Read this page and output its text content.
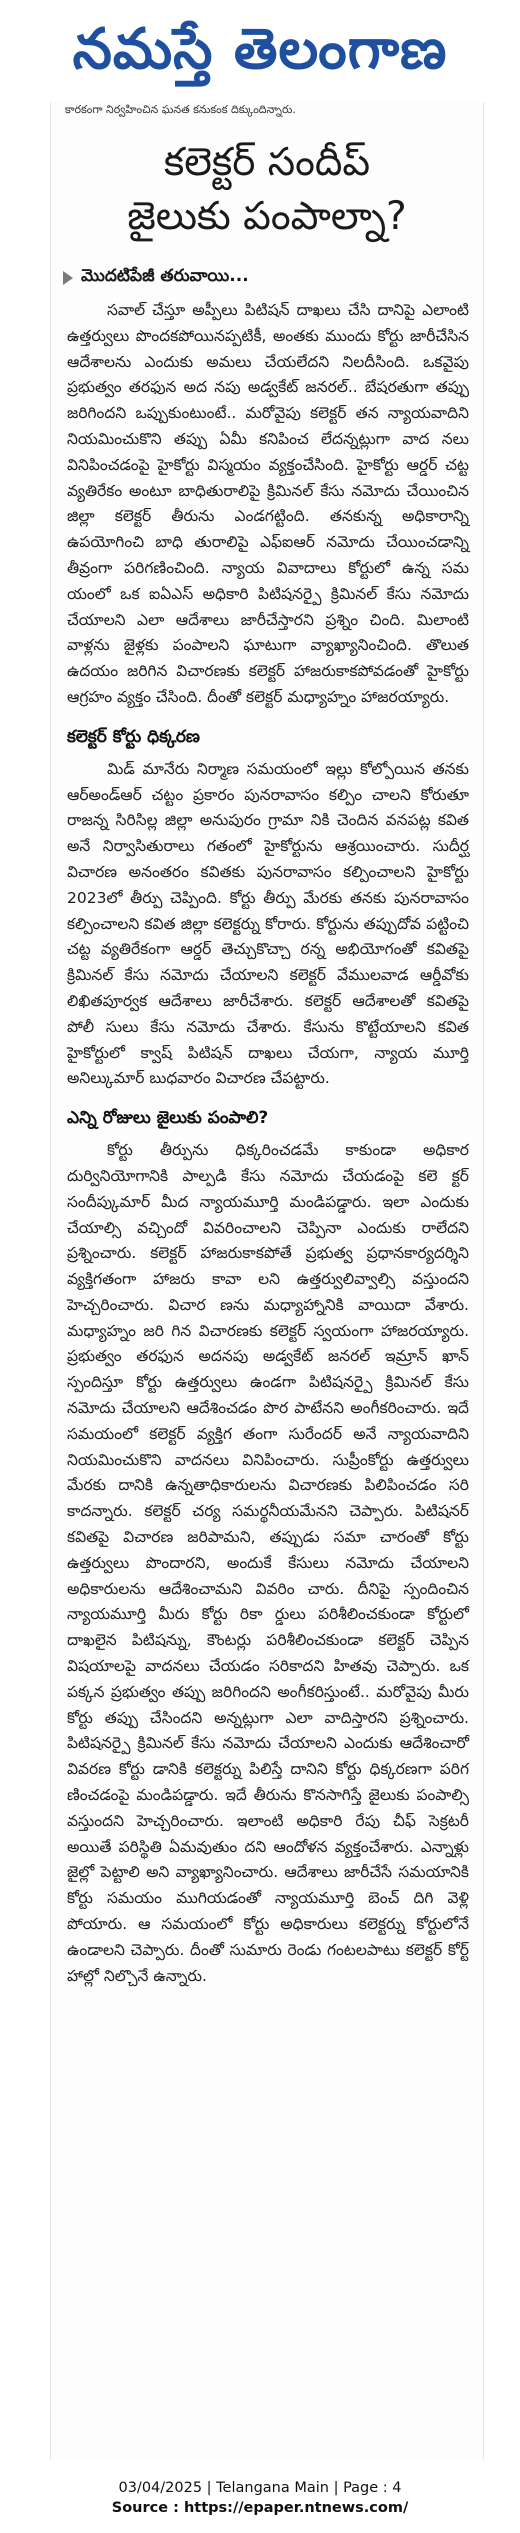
నమస్తే తెలంగాణ
కారకంగా నిర్వహించిన ఘనత కనుకంక దిక్కుందిన్నారు.
కలెక్టర్ సందీప్
జైలుకు పంపాల్నా?
మొదటిపేజీ తరువాయి...

సవాల్ చేస్తూ అప్పీలు పిటిషన్ దాఖలు చేసి దానిపై ఎలాంటి ఉత్తర్వులు పొందకపోయినప్పటికీ, అంతకు ముందు కోర్టు జారీచేసిన ఆదేశాలను ఎందుకు అమలు చేయలేదని నిలదీసింది. ఒకవైపు ప్రభుత్వం తరఫున అద నపు అడ్వకేట్ జనరల్.. బేషరతుగా తప్పు జరిగిందని ఒప్పుకుంటుంటే.. మరోవైపు కలెక్టర్ తన న్యాయవాదిని నియమించుకొని తప్పు ఏమీ కనిపించ లేదన్నట్లుగా వాద నలు వినిపించడంపై హైకోర్టు విస్మయం వ్యక్తంచేసింది. హైకోర్టు ఆర్డర్ చట్ట వ్యతిరేకం అంటూ బాధితురాలిపై క్రిమినల్ కేసు నమోదు చేయించిన జిల్లా కలెక్టర్ తీరును ఎండగట్టింది. తనకున్న అధికారాన్ని ఉపయోగించి బాధి తురాలిపై ఎఫ్ఐఆర్ నమోదు చేయించడాన్ని తీవ్రంగా పరిగణించింది. న్యాయ వివాదాలు కోర్టులో ఉన్న సమ యంలో ఒక ఐఏఎస్ అధికారి పిటిషనర్పై క్రిమినల్ కేసు నమోదు చేయాలని ఎలా ఆదేశాలు జారీచేస్తారని ప్రశ్నిం చింది. మిలాంటి వాళ్లను జైళ్లకు పంపాలని ఘాటుగా వ్యాఖ్యానించింది. తొలుత ఉదయం జరిగిన విచారణకు కలెక్టర్ హాజరుకాకపోవడంతో హైకోర్టు ఆగ్రహం వ్యక్తం చేసింది. దీంతో కలెక్టర్ మధ్యాహ్నం హాజరయ్యారు.

కలెక్టర్ కోర్టు ధిక్కరణ

మిడ్ మానేరు నిర్మాణ సమయంలో ఇల్లు కోల్పోయిన తనకు ఆర్అండ్ఆర్ చట్టం ప్రకారం పునరావాసం కల్పిం చాలని కోరుతూ రాజన్న సిరిసిల్ల జిల్లా అనుపురం గ్రామా నికి చెందిన వనపట్ల కవిత అనే నిర్వాసితురాలు గతంలో హైకోర్టును ఆశ్రయించారు. సుదీర్ఘ విచారణ అనంతరం కవితకు పునరావాసం కల్పించాలని హైకోర్టు 2023లో తీర్పు చెప్పింది. కోర్టు తీర్పు మేరకు తనకు పునరావాసం కల్పించాలని కవిత జిల్లా కలెక్టర్ను కోరారు. కోర్టును తప్పుదోవ పట్టించి చట్ట వ్యతిరేకంగా ఆర్డర్ తెచ్చుకొచ్చా రన్న అభియోగంతో కవితపై క్రిమినల్ కేసు నమోదు చేయాలని కలెక్టర్ వేములవాడ ఆర్డీవోకు లిఖితపూర్వక ఆదేశాలు జారీచేశారు. కలెక్టర్ ఆదేశాలతో కవితపై పోలీ సులు కేసు నమోదు చేశారు. కేసును కొట్టేయాలని కవిత హైకోర్టులో క్వాష్ పిటిషన్ దాఖలు చేయగా, న్యాయ మూర్తి అనిల్కుమార్ బుధవారం విచారణ చేపట్టారు.

ఎన్ని రోజులు జైలుకు పంపాలి?

కోర్టు తీర్పును ధిక్కరించడమే కాకుండా అధికార దుర్వినియోగానికి పాల్పడి కేసు నమోదు చేయడంపై కలె క్టర్ సందీప్కుమార్ మీద న్యాయమూర్తి మండిపడ్డారు. ఇలా ఎందుకు చేయాల్సి వచ్చిందో వివరించాలని చెప్పినా ఎందుకు రాలేదని ప్రశ్నించారు. కలెక్టర్ హాజరుకాకపోతే ప్రభుత్వ ప్రధానకార్యదర్శిని వ్యక్తిగతంగా హాజరు కావా లని ఉత్తర్వులివ్వాల్సి వస్తుందని హెచ్చరించారు. విచార ణను మధ్యాహ్నానికి వాయిదా వేశారు. మధ్యాహ్నం జరి గిన విచారణకు కలెక్టర్ స్వయంగా హాజరయ్యారు. ప్రభుత్వం తరఫున అదనపు అడ్వకేట్ జనరల్ ఇమ్రాన్ ఖాన్ స్పందిస్తూ కోర్టు ఉత్తర్వులు ఉండగా పిటిషనర్పై క్రిమినల్ కేసు నమోదు చేయాలని ఆదేశించడం పొర పాటేనని అంగీకరించారు. ఇదే సమయంలో కలెక్టర్ వ్యక్తిగ తంగా సురేందర్ అనే న్యాయవాదిని నియమించుకొని వాదనలు వినిపించారు. సుప్రీంకోర్టు ఉత్తర్వులు మేరకు దానికి ఉన్నతాధికారులను విచారణకు పిలిపించడం సరి కాదన్నారు. కలెక్టర్ చర్య సమర్థనీయమేనని చెప్పారు. పిటిషనర్ కవితపై విచారణ జరిపామని, తప్పుడు సమా చారంతో కోర్టు ఉత్తర్వులు పొందారని, అందుకే కేసులు నమోదు చేయాలని అధికారులను ఆదేశించామని వివరిం చారు. దీనిపై స్పందించిన న్యాయమూర్తి మీరు కోర్టు రికా ర్డులు పరిశీలించకుండా కోర్టులో దాఖలైన పిటిషన్ను, కౌంటర్లు పరిశీలించకుండా కలెక్టర్ చెప్పిన విషయాలపై వాదనలు చేయడం సరికాదని హితవు చెప్పారు. ఒక పక్కన ప్రభుత్వం తప్పు జరిగిందని అంగీకరిస్తుంటే.. మరోవైపు మీరు కోర్టు తప్పు చేసిందని అన్నట్లుగా ఎలా వాదిస్తారని ప్రశ్నించారు. పిటిషనర్పై క్రిమినల్ కేసు నమోదు చేయాలని ఎందుకు ఆదేశించారో వివరణ కోర్టు డానికి కలెక్టర్ను పిలిస్తే దానిని కోర్టు ధిక్కరణగా పరిగ ణించడంపై మండిపడ్డారు. ఇదే తీరును కొనసాగిస్తే జైలుకు పంపాల్సి వస్తుందని హెచ్చరించారు. ఇలాంటి అధికారి రేపు చీఫ్ సెక్రటరీ అయితే పరిస్థితి ఏమవుతుం దని ఆందోళన వ్యక్తంచేశారు. ఎన్నాళ్లు జైల్లో పెట్టాలి అని వ్యాఖ్యానించారు. ఆదేశాలు జారీచేసే సమయానికి కోర్టు సమయం ముగియడంతో న్యాయమూర్తి బెంచ్ దిగి వెళ్లి పోయారు. ఆ సమయంలో కోర్టు అధికారులు కలెక్టర్ను కోర్టులోనే ఉండాలని చెప్పారు. దీంతో సుమారు రెండు గంటలపాటు కలెక్టర్ కోర్ట్ హాల్లో నిల్చొనే ఉన్నారు.

03/04/2025 | Telangana Main | Page : 4
Source : https://epaper.ntnews.com/
